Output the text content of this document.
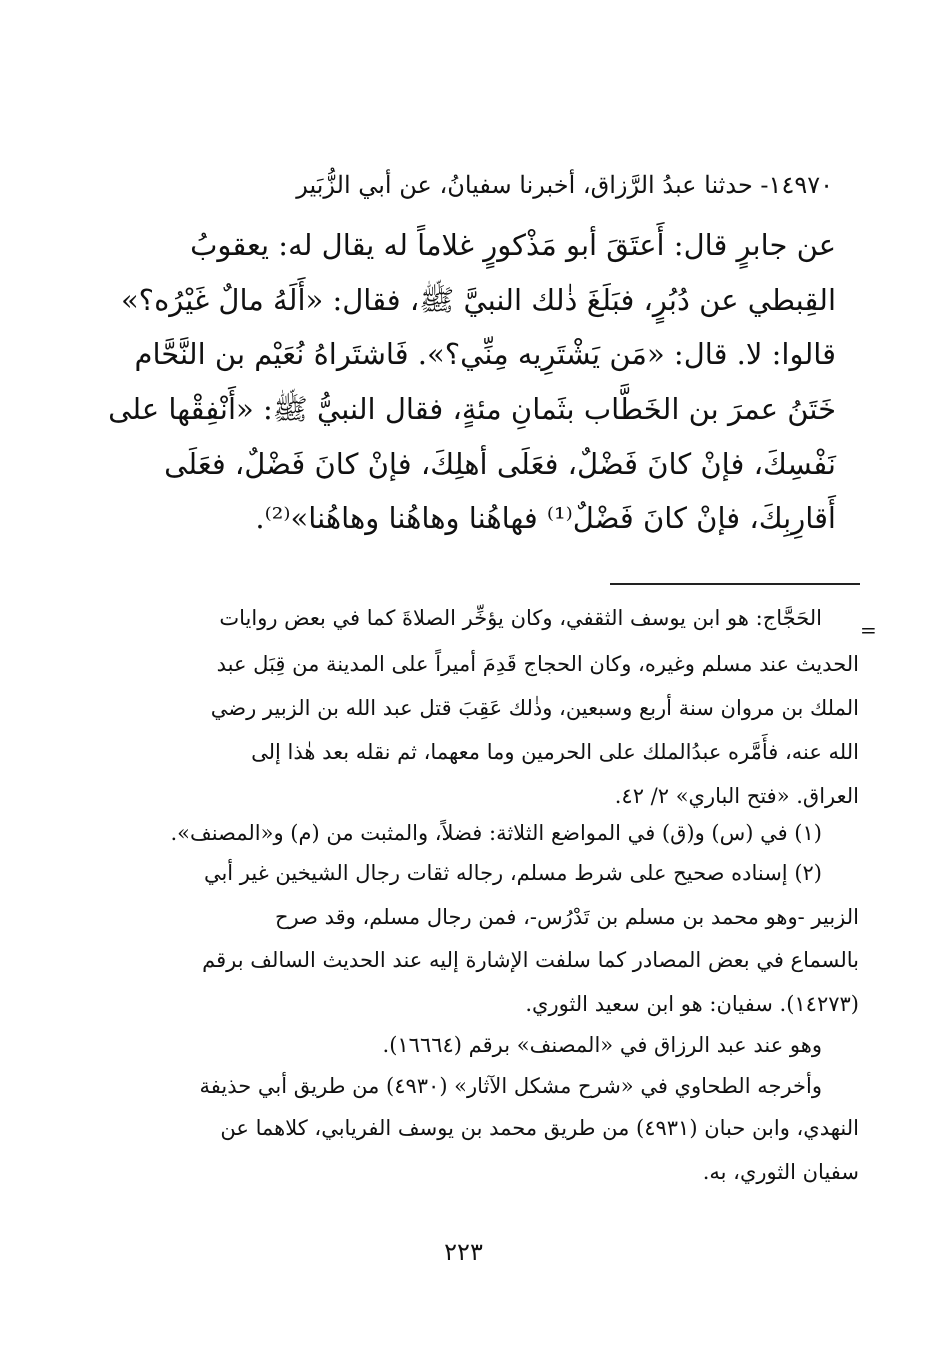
١٤٩٧٠- حدثنا عبدُ الرَّزاق، أخبرنا سفيانُ، عن أبي الزُّبَير
عن جابرٍ قال: أَعتَقَ أبو مَذْكورٍ غلاماً له يقال له: يعقوبُ
القِبطي عن دُبُرٍ، فبَلَغَ ذٰلك النبيَّ ﷺ، فقال: «أَلَهُ مالٌ غَيْرُه؟»
قالوا: لا. قال: «مَن يَشْتَرِيه مِنِّي؟». فَاشتَراهُ نُعَيْم بن النَّحَّام
خَتَنُ عمرَ بن الخَطَّاب بثَمانِ مئةٍ، فقال النبيُّ ﷺ: «أَنْفِقْها على
نَفْسِكَ، فإنْ كانَ فَضْلٌ، فعَلَى أهلِكَ، فإنْ كانَ فَضْلٌ، فعَلَى
أَقارِبِكَ، فإنْ كانَ فَضْلٌ⁽¹⁾ فهاهُنا وهاهُنا وهاهُنا»⁽²⁾.
=
الحَجَّاج: هو ابن يوسف الثقفي، وكان يؤخِّر الصلاةَ كما في بعض روايات
الحديث عند مسلم وغيره، وكان الحجاج قَدِمَ أميراً على المدينة من قِبَل عبد
الملك بن مروان سنة أربع وسبعين، وذٰلك عَقِبَ قتل عبد الله بن الزبير رضي
الله عنه، فأَمَّره عبدُالملك على الحرمين وما معهما، ثم نقله بعد هٰذا إلى
العراق. «فتح الباري» ٢/ ٤٢.
(١) في (س) و(ق) في المواضع الثلاثة: فضلاً، والمثبت من (م) و«المصنف».
(٢) إسناده صحيح على شرط مسلم، رجاله ثقات رجال الشيخين غير أبي
الزبير -وهو محمد بن مسلم بن تَدْرُس-، فمن رجال مسلم، وقد صرح
بالسماع في بعض المصادر كما سلفت الإشارة إليه عند الحديث السالف برقم
(١٤٢٧٣). سفيان: هو ابن سعيد الثوري.
وهو عند عبد الرزاق في «المصنف» برقم (١٦٦٦٤).
وأخرجه الطحاوي في «شرح مشكل الآثار» (٤٩٣٠) من طريق أبي حذيفة
النهدي، وابن حبان (٤٩٣١) من طريق محمد بن يوسف الفريابي، كلاهما عن
سفيان الثوري، به.
٢٢٣
